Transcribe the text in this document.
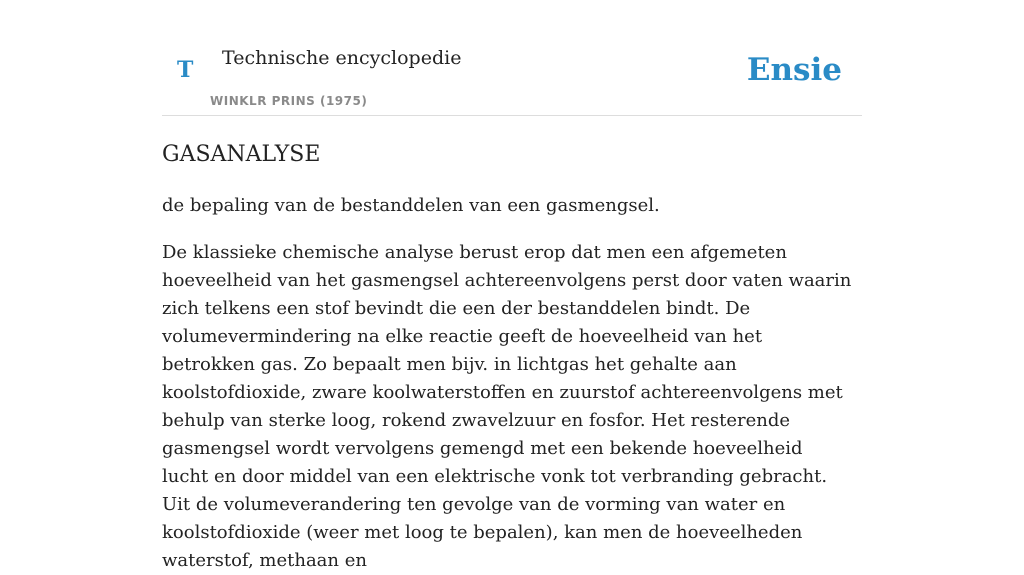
T Technische encyclopedie
WINKLR PRINS (1975)
Ensie
GASANALYSE

de bepaling van de bestanddelen van een gasmengsel.

De klassieke chemische analyse berust erop dat men een afgemeten hoeveelheid van het gasmengsel achtereenvolgens perst door vaten waarin zich telkens een stof bevindt die een der bestanddelen bindt. De volumevermindering na elke reactie geeft de hoeveelheid van het betrokken gas. Zo bepaalt men bijv. in lichtgas het gehalte aan koolstofdioxide, zware koolwaterstoffen en zuurstof achtereenvolgens met behulp van sterke loog, rokend zwavelzuur en fosfor. Het resterende gasmengsel wordt vervolgens gemengd met een bekende hoeveelheid lucht en door middel van een elektrische vonk tot verbranding gebracht. Uit de volumeverandering ten gevolge van de vorming van water en koolstofdioxide (weer met loog te bepalen), kan men de hoeveelheden waterstof, methaan en
